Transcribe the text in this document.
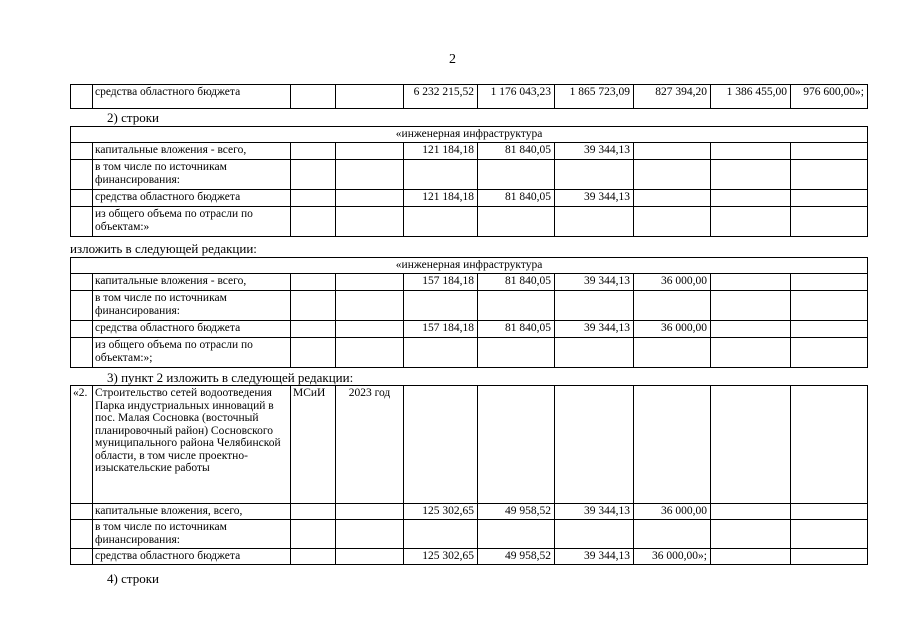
2
	средства областного бюджета			6 232 215,52	1 176 043,23	1 865 723,09	827 394,20	1 386 455,00	976 600,00»;
2) строки
«инженерная инфраструктура									
	капитальные вложения - всего,			121 184,18	81 840,05	39 344,13			
	в том числе по источникам финансирования:								
	средства областного бюджета			121 184,18	81 840,05	39 344,13			
	из общего объема по отрасли по объектам:»								
изложить в следующей редакции:
«инженерная инфраструктура									
	капитальные вложения - всего,			157 184,18	81 840,05	39 344,13	36 000,00		
	в том числе по источникам финансирования:								
	средства областного бюджета			157 184,18	81 840,05	39 344,13	36 000,00		
	из общего объема по отрасли по объектам:»;								
3) пункт 2 изложить в следующей редакции:
«2.	Строительство сетей водоотведения Парка индустриальных инноваций в пос. Малая Сосновка (восточный планировочный район) Сосновского муниципального района Челябинской области, в том числе проектно-изыскательские работы	МСиИ	2023 год						
	капитальные вложения, всего,			125 302,65	49 958,52	39 344,13	36 000,00		
	в том числе по источникам финансирования:								
	средства областного бюджета			125 302,65	49 958,52	39 344,13	36 000,00»;		
4) строки
